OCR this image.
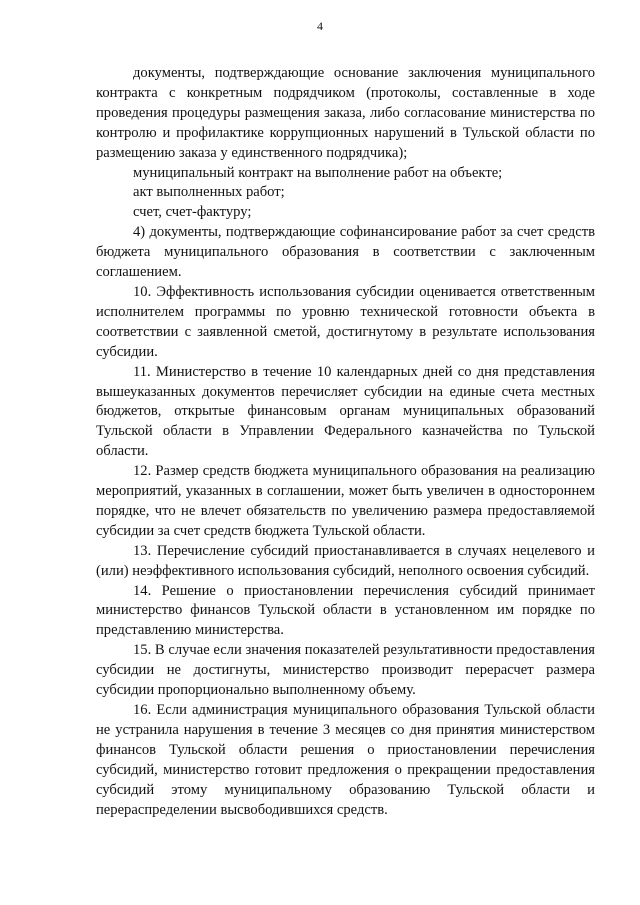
4

документы, подтверждающие основание заключения муниципального контракта с конкретным подрядчиком (протоколы, составленные в ходе проведения процедуры размещения заказа, либо согласование министерства по контролю и профилактике коррупционных нарушений в Тульской области по размещению заказа у единственного подрядчика);

муниципальный контракт на выполнение работ на объекте;

акт выполненных работ;

счет, счет-фактуру;

4) документы, подтверждающие софинансирование работ за счет средств бюджета муниципального образования в соответствии с заключенным соглашением.

10. Эффективность использования субсидии оценивается ответственным исполнителем программы по уровню технической готовности объекта в соответствии с заявленной сметой, достигнутому в результате использования субсидии.

11. Министерство в течение 10 календарных дней со дня представления вышеуказанных документов перечисляет субсидии на единые счета местных бюджетов, открытые финансовым органам муниципальных образований Тульской области в Управлении Федерального казначейства по Тульской области.

12. Размер средств бюджета муниципального образования на реализацию мероприятий, указанных в соглашении, может быть увеличен в одностороннем порядке, что не влечет обязательств по увеличению размера предоставляемой субсидии за счет средств бюджета Тульской области.

13. Перечисление субсидий приостанавливается в случаях нецелевого и (или) неэффективного использования субсидий, неполного освоения субсидий.

14. Решение о приостановлении перечисления субсидий принимает министерство финансов Тульской области в установленном им порядке по представлению министерства.

15. В случае если значения показателей результативности предоставления субсидии не достигнуты, министерство производит перерасчет размера субсидии пропорционально выполненному объему.

16. Если администрация муниципального образования Тульской области не устранила нарушения в течение 3 месяцев со дня принятия министерством финансов Тульской области решения о приостановлении перечисления субсидий, министерство готовит предложения о прекращении предоставления субсидий этому муниципальному образованию Тульской области и перераспределении высвободившихся средств.
